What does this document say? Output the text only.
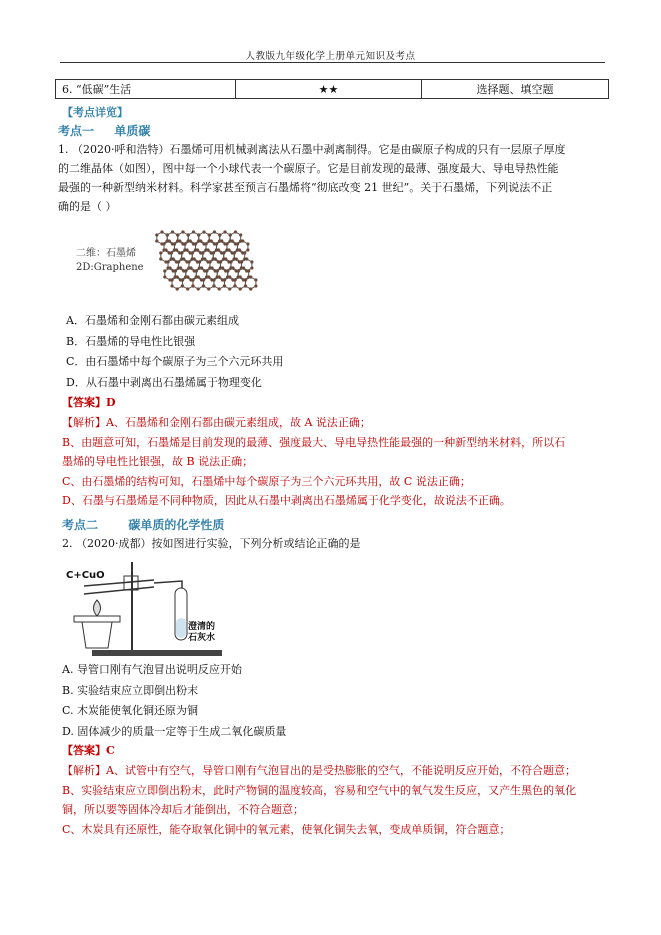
人教版九年级化学上册单元知识及考点
6. “低碳”生活	★★	选择题、填空题
【考点详览】
考点一 单质碳
1. （2020·呼和浩特）石墨烯可用机械剥离法从石墨中剥离制得。它是由碳原子构成的只有一层原子厚度
的二维晶体（如图），图中每一个小球代表一个碳原子。它是目前发现的最薄、强度最大、导电导热性能
最强的一种新型纳米材料。科学家甚至预言石墨烯将“彻底改变 21 世纪”。关于石墨烯，下列说法不正
确的是（ ）
二维：石墨烯
2D:Graphene
A．石墨烯和金刚石都由碳元素组成
B．石墨烯的导电性比银强
C．由石墨烯中每个碳原子为三个六元环共用
D．从石墨中剥离出石墨烯属于物理变化
【答案】D
【解析】A、石墨烯和金刚石都由碳元素组成，故 A 说法正确；
B、由题意可知，石墨烯是目前发现的最薄、强度最大、导电导热性能最强的一种新型纳米材料，所以石
墨烯的导电性比银强，故 B 说法正确；
C、由石墨烯的结构可知，石墨烯中每个碳原子为三个六元环共用，故 C 说法正确；
D、石墨与石墨烯是不同种物质，因此从石墨中剥离出石墨烯属于化学变化，故说法不正确。
考点二	碳单质的化学性质
2. （2020·成都）按如图进行实验，下列分析或结论正确的是
C+CuO
澄清的
石灰水
A. 导管口刚有气泡冒出说明反应开始
B. 实验结束应立即倒出粉末
C. 木炭能使氧化铜还原为铜
D. 固体减少的质量一定等于生成二氧化碳质量
【答案】C
【解析】A、试管中有空气，导管口刚有气泡冒出的是受热膨胀的空气，不能说明反应开始，不符合题意；
B、实验结束应立即倒出粉末，此时产物铜的温度较高，容易和空气中的氧气发生反应，又产生黑色的氧化
铜，所以要等固体冷却后才能倒出，不符合题意；
C、木炭具有还原性，能夺取氧化铜中的氧元素，使氧化铜失去氧，变成单质铜，符合题意；
